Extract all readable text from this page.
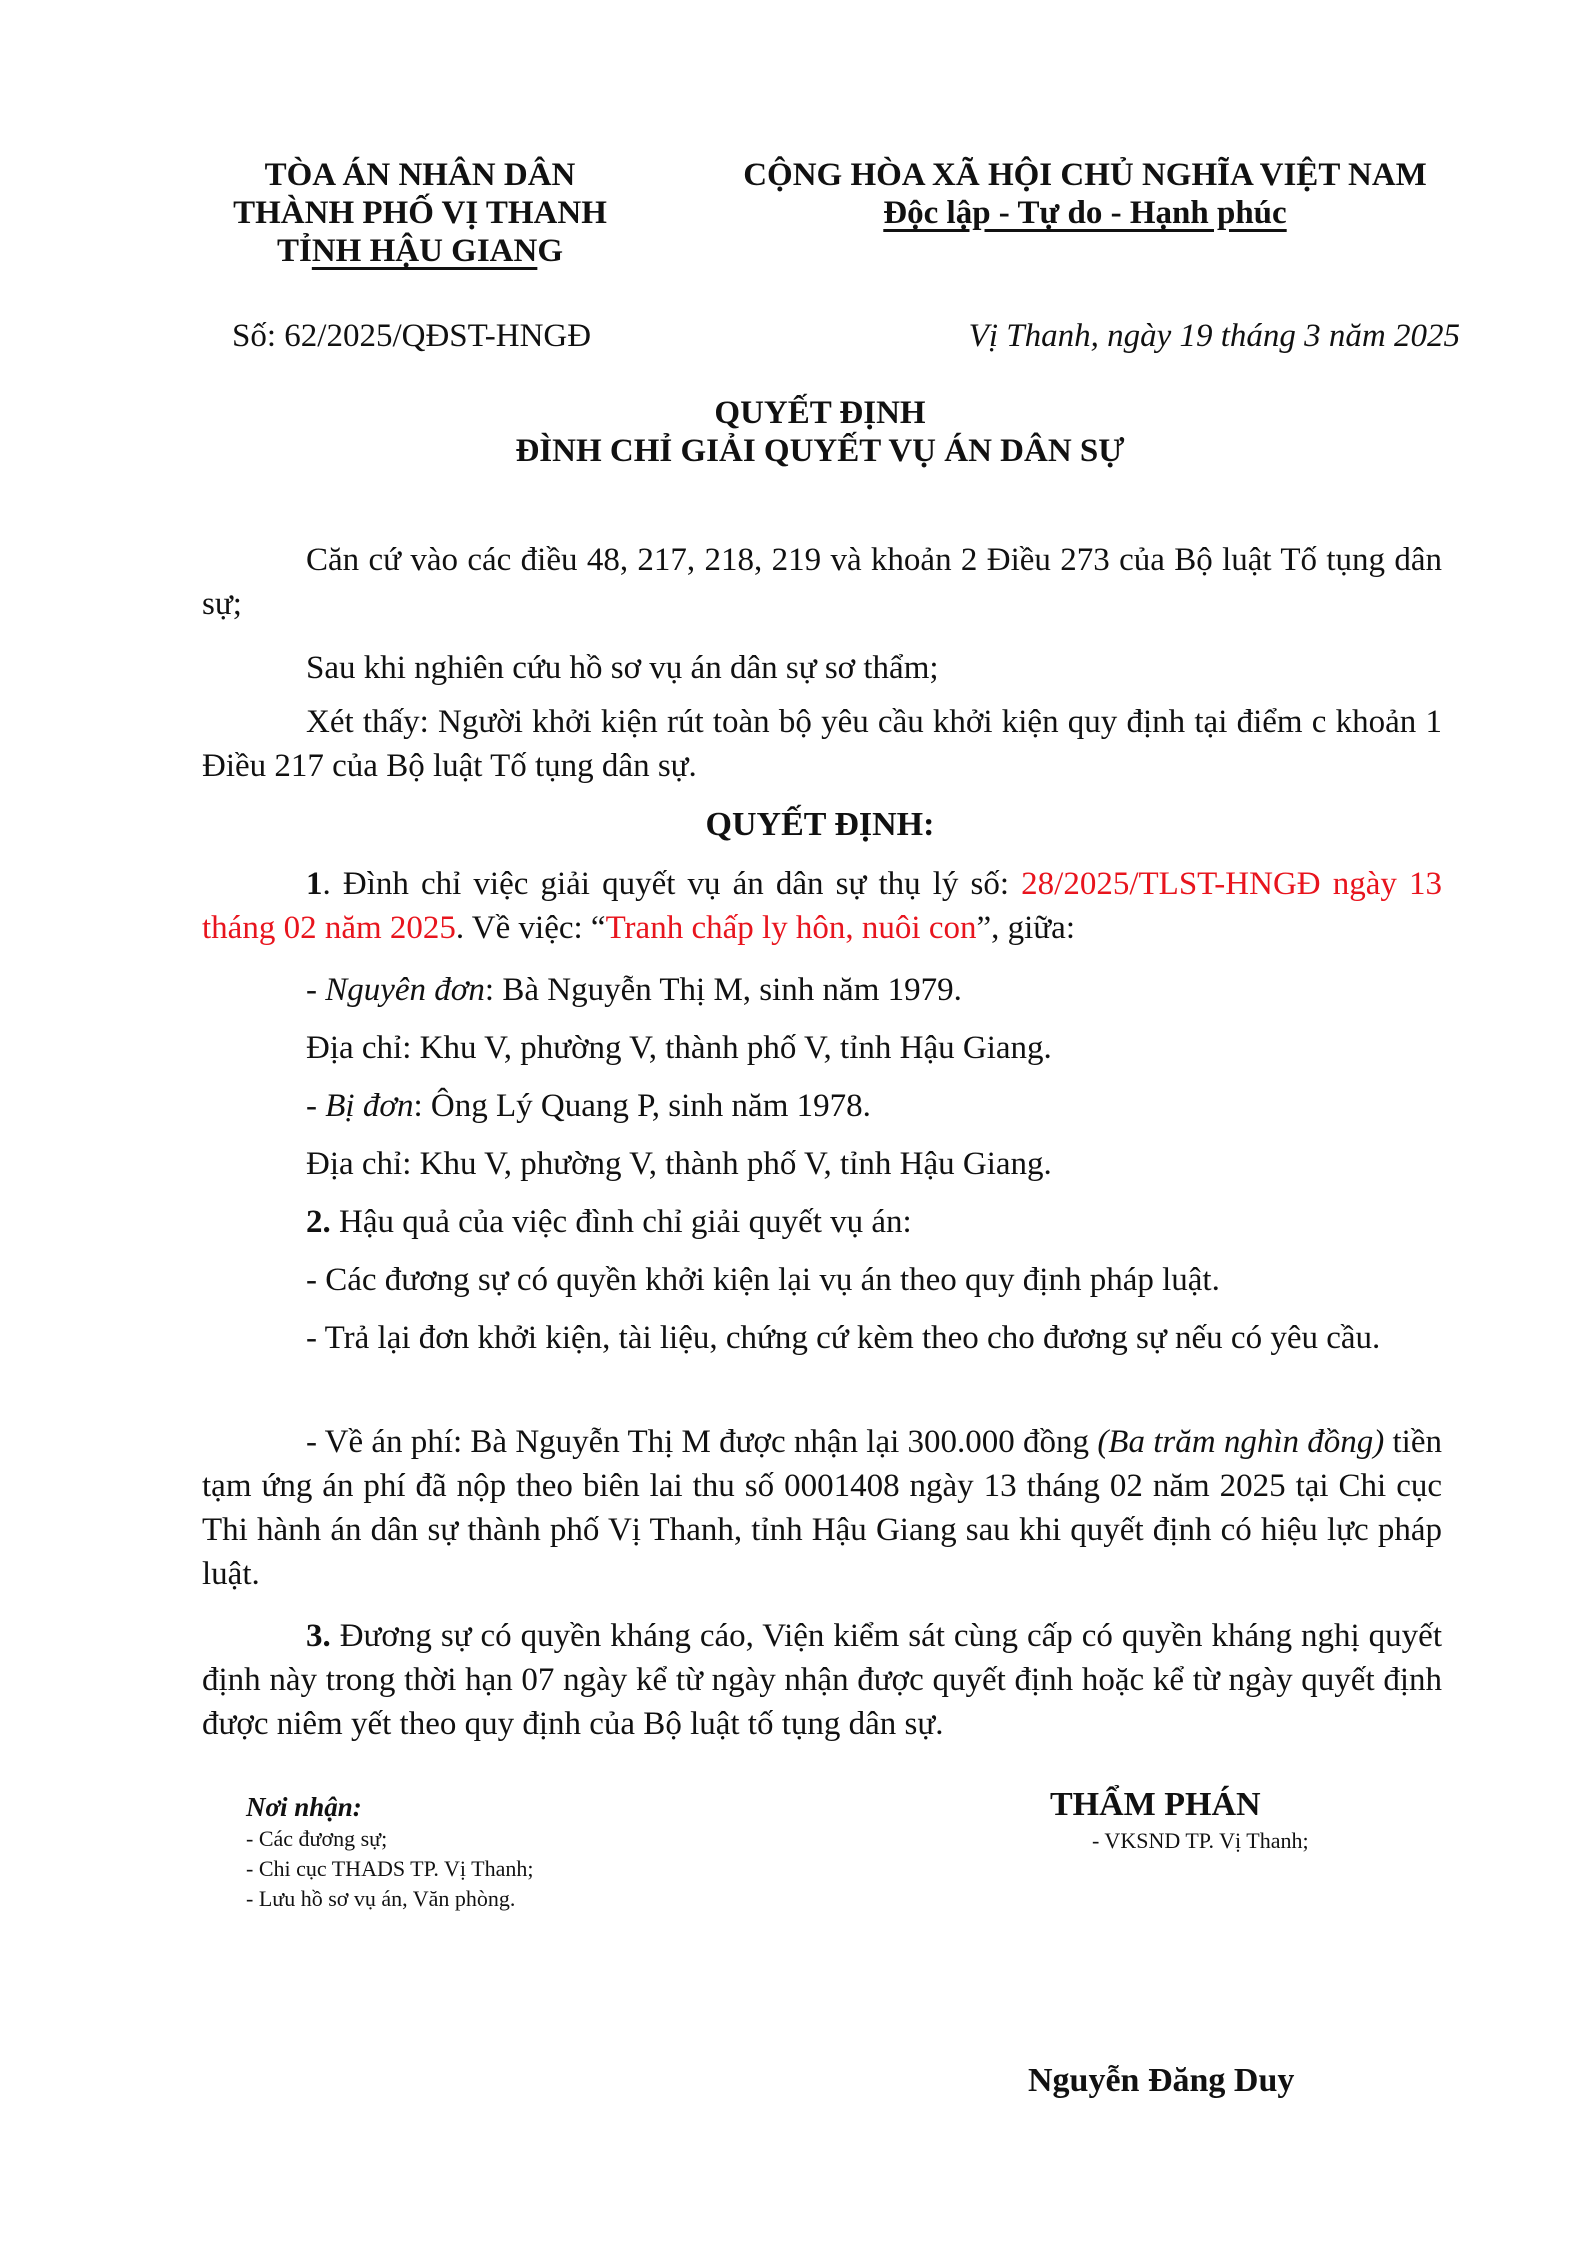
TÒA ÁN NHÂN DÂN
THÀNH PHỐ VỊ THANH
TỈNH HẬU GIANG
CỘNG HÒA XÃ HỘI CHỦ NGHĨA VIỆT NAM
Độc lập - Tự do - Hạnh phúc
Số: 62/2025/QĐST-HNGĐ	Vị Thanh, ngày 19 tháng 3 năm 2025
QUYẾT ĐỊNH
ĐÌNH CHỈ GIẢI QUYẾT VỤ ÁN DÂN SỰ
Căn cứ vào các điều 48, 217, 218, 219 và khoản 2 Điều 273 của Bộ luật Tố tụng dân sự;
Sau khi nghiên cứu hồ sơ vụ án dân sự sơ thẩm;
Xét thấy: Người khởi kiện rút toàn bộ yêu cầu khởi kiện quy định tại điểm c khoản 1 Điều 217 của Bộ luật Tố tụng dân sự.
QUYẾT ĐỊNH:
1. Đình chỉ việc giải quyết vụ án dân sự thụ lý số: 28/2025/TLST-HNGĐ ngày 13 tháng 02 năm 2025. Về việc: “Tranh chấp ly hôn, nuôi con”, giữa:
- Nguyên đơn: Bà Nguyễn Thị M, sinh năm 1979.
Địa chỉ: Khu V, phường V, thành phố V, tỉnh Hậu Giang.
- Bị đơn: Ông Lý Quang P, sinh năm 1978.
Địa chỉ: Khu V, phường V, thành phố V, tỉnh Hậu Giang.
2. Hậu quả của việc đình chỉ giải quyết vụ án:
- Các đương sự có quyền khởi kiện lại vụ án theo quy định pháp luật.
- Trả lại đơn khởi kiện, tài liệu, chứng cứ kèm theo cho đương sự nếu có yêu cầu.
- Về án phí: Bà Nguyễn Thị M được nhận lại 300.000 đồng (Ba trăm nghìn đồng) tiền tạm ứng án phí đã nộp theo biên lai thu số 0001408 ngày 13 tháng 02 năm 2025 tại Chi cục Thi hành án dân sự thành phố Vị Thanh, tỉnh Hậu Giang sau khi quyết định có hiệu lực pháp luật.
3. Đương sự có quyền kháng cáo, Viện kiểm sát cùng cấp có quyền kháng nghị quyết định này trong thời hạn 07 ngày kể từ ngày nhận được quyết định hoặc kể từ ngày quyết định được niêm yết theo quy định của Bộ luật tố tụng dân sự.
Nơi nhận:
- Các đương sự;
- Chi cục THADS TP. Vị Thanh;
- Lưu hồ sơ vụ án, Văn phòng.
- VKSND TP. Vị Thanh;
THẨM PHÁN
Nguyễn Đăng Duy
